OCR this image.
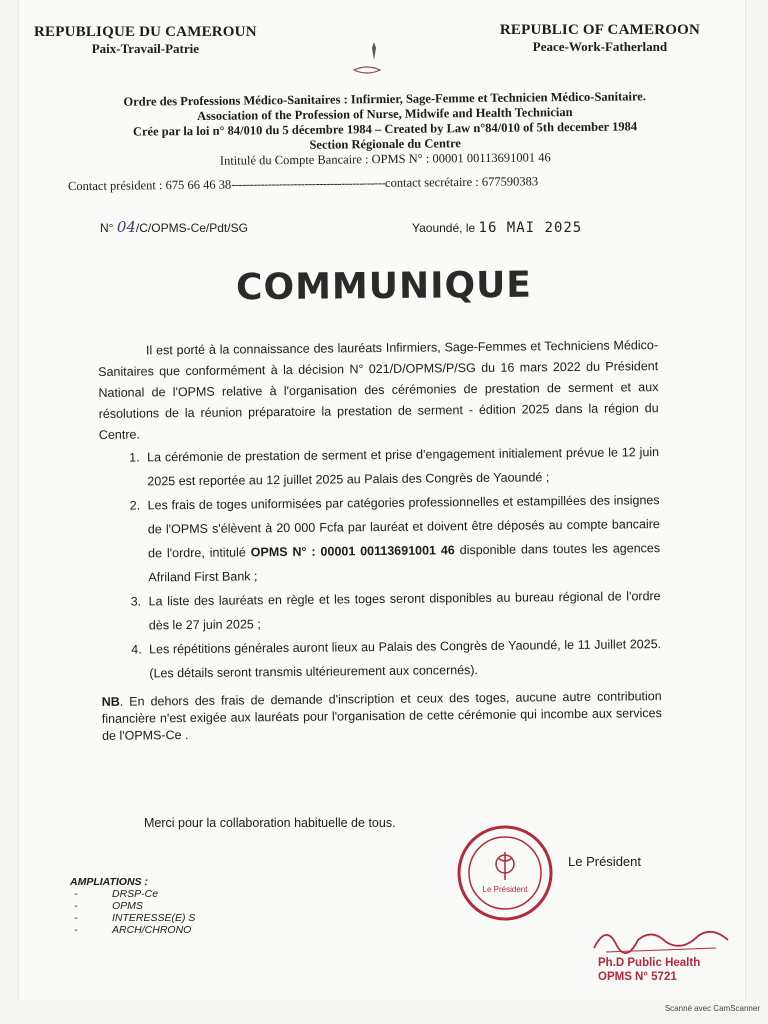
REPUBLIQUE DU CAMEROUN
Paix-Travail-Patrie
REPUBLIC OF CAMEROON
Peace-Work-Fatherland
Ordre des Professions Médico-Sanitaires : Infirmier, Sage-Femme et Technicien Médico-Sanitaire.
Association of the Profession of Nurse, Midwife and Health Technician
Crée par la loi n° 84/010 du 5 décembre 1984 – Created by Law n°84/010 of 5th december 1984
Section Régionale du Centre
Intitulé du Compte Bancaire : OPMS N° : 00001 00113691001 46
Contact président : 675 66 46 38------------------------------------------contact secrétaire : 677590383
N° 04/C/OPMS-Ce/Pdt/SG	Yaoundé, le 16 MAI 2025
COMMUNIQUE

Il est porté à la connaissance des lauréats Infirmiers, Sage-Femmes et Techniciens Médico-Sanitaires que conformément à la décision N° 021/D/OPMS/P/SG du 16 mars 2022 du Président National de l'OPMS relative à l'organisation des cérémonies de prestation de serment et aux résolutions de la réunion préparatoire la prestation de serment - édition 2025 dans la région du Centre.

1. La cérémonie de prestation de serment et prise d'engagement initialement prévue le 12 juin 2025 est reportée au 12 juillet 2025 au Palais des Congrès de Yaoundé ;
2. Les frais de toges uniformisées par catégories professionnelles et estampillées des insignes de l'OPMS s'élèvent à 20 000 Fcfa par lauréat et doivent être déposés au compte bancaire de l'ordre, intitulé OPMS N° : 00001 00113691001 46 disponible dans toutes les agences Afriland First Bank ;
3. La liste des lauréats en règle et les toges seront disponibles au bureau régional de l'ordre dès le 27 juin 2025 ;
4. Les répétitions générales auront lieux au Palais des Congrès de Yaoundé, le 11 Juillet 2025. (Les détails seront transmis ultérieurement aux concernés).

NB. En dehors des frais de demande d'inscription et ceux des toges, aucune autre contribution financière n'est exigée aux lauréats pour l'organisation de cette cérémonie qui incombe aux services de l'OPMS-Ce .

Merci pour la collaboration habituelle de tous.
Le Président
Le Président
Ph.D Public Health
OPMS N° 5721
AMPLIATIONS :
- DRSP-Ce
- OPMS
- INTERESSE(E) S
- ARCH/CHRONO
Scanné avec CamScanner
